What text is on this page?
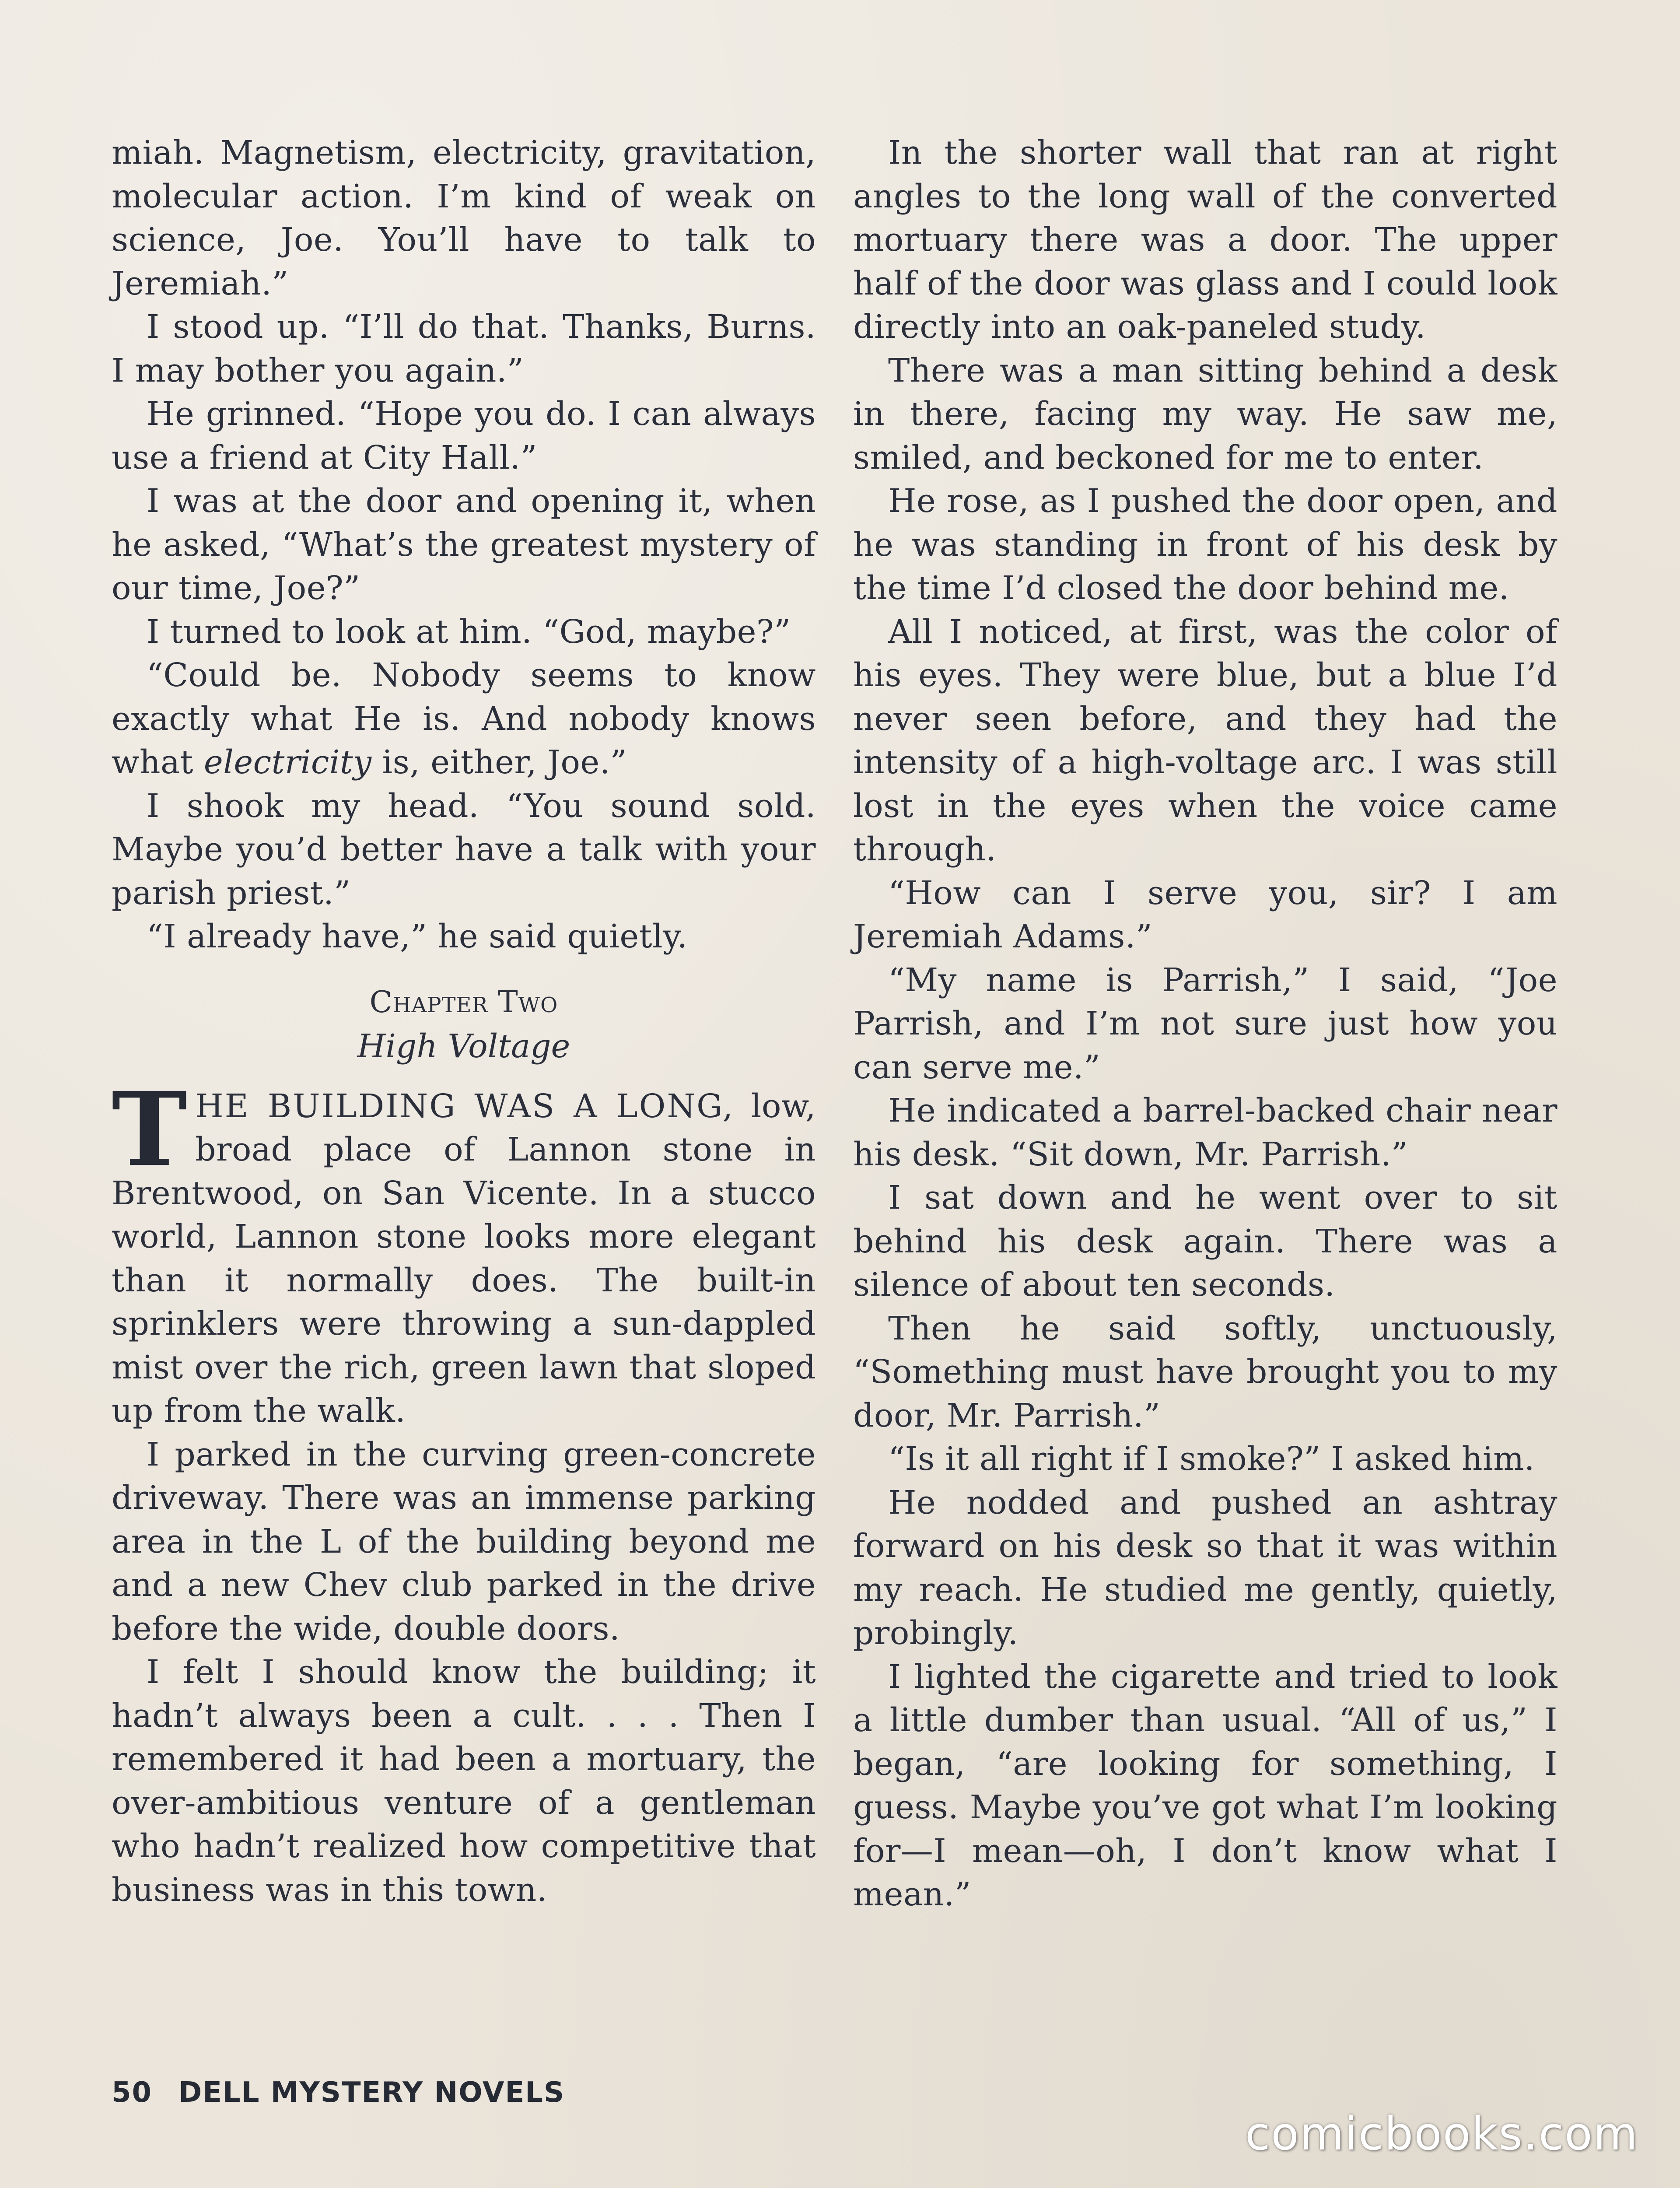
miah. Magnetism, electricity, gravitation, molecular action. I’m kind of weak on science, Joe. You’ll have to talk to Jeremiah.”

I stood up. “I’ll do that. Thanks, Burns. I may bother you again.”

He grinned. “Hope you do. I can always use a friend at City Hall.”

I was at the door and opening it, when he asked, “What’s the greatest mystery of our time, Joe?”

I turned to look at him. “God, maybe?”

“Could be. Nobody seems to know exactly what He is. And nobody knows what electricity is, either, Joe.”

I shook my head. “You sound sold. Maybe you’d better have a talk with your parish priest.”

“I already have,” he said quietly.

Chapter Two
High Voltage

THE BUILDING WAS A LONG, low, broad place of Lannon stone in Brentwood, on San Vicente. In a stucco world, Lannon stone looks more elegant than it normally does. The built-in sprinklers were throwing a sun-dappled mist over the rich, green lawn that sloped up from the walk.

I parked in the curving green-concrete driveway. There was an immense parking area in the L of the building beyond me and a new Chev club parked in the drive before the wide, double doors.

I felt I should know the building; it hadn’t always been a cult. . . . Then I remembered it had been a mortuary, the over-ambitious venture of a gentleman who hadn’t realized how competitive that business was in this town.

In the shorter wall that ran at right angles to the long wall of the converted mortuary there was a door. The upper half of the door was glass and I could look directly into an oak-paneled study.

There was a man sitting behind a desk in there, facing my way. He saw me, smiled, and beckoned for me to enter.

He rose, as I pushed the door open, and he was standing in front of his desk by the time I’d closed the door behind me.

All I noticed, at first, was the color of his eyes. They were blue, but a blue I’d never seen before, and they had the intensity of a high-voltage arc. I was still lost in the eyes when the voice came through.

“How can I serve you, sir? I am Jeremiah Adams.”

“My name is Parrish,” I said, “Joe Parrish, and I’m not sure just how you can serve me.”

He indicated a barrel-backed chair near his desk. “Sit down, Mr. Parrish.”

I sat down and he went over to sit behind his desk again. There was a silence of about ten seconds.

Then he said softly, unctuously, “Something must have brought you to my door, Mr. Parrish.”

“Is it all right if I smoke?” I asked him.

He nodded and pushed an ashtray forward on his desk so that it was within my reach. He studied me gently, quietly, probingly.

I lighted the cigarette and tried to look a little dumber than usual. “All of us,” I began, “are looking for something, I guess. Maybe you’ve got what I’m looking for—I mean—oh, I don’t know what I mean.”

50 DELL MYSTERY NOVELS
comicbooks.com
